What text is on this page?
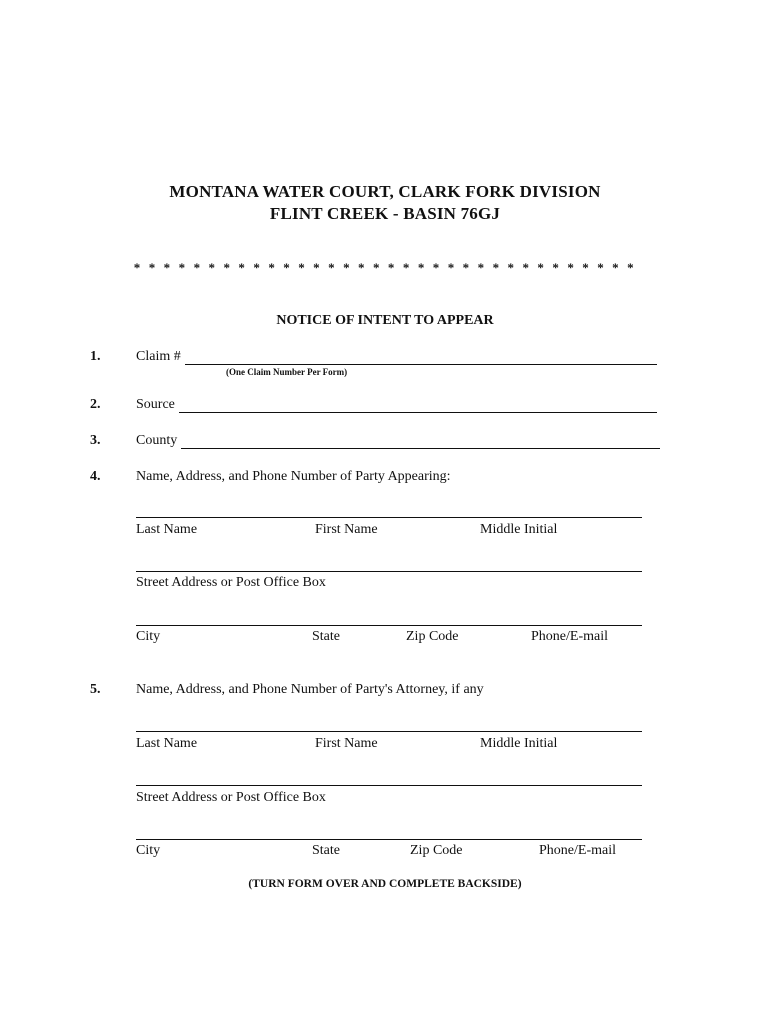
MONTANA WATER COURT, CLARK FORK DIVISION
FLINT CREEK - BASIN 76GJ
* * * * * * * * * * * * * * * * * * * * * * * * * * * * * * * * * *
NOTICE OF INTENT TO APPEAR
1.	Claim #
(One Claim Number Per Form)
2.	Source
3.	County
4.	Name, Address, and Phone Number of Party Appearing:
Last Name	First Name	Middle Initial
Street Address or Post Office Box
City	State	Zip Code	Phone/E-mail
5.	Name, Address, and Phone Number of Party's Attorney, if any
Last Name	First Name	Middle Initial
Street Address or Post Office Box
City	State	Zip Code	Phone/E-mail
(TURN FORM OVER AND COMPLETE BACKSIDE)
